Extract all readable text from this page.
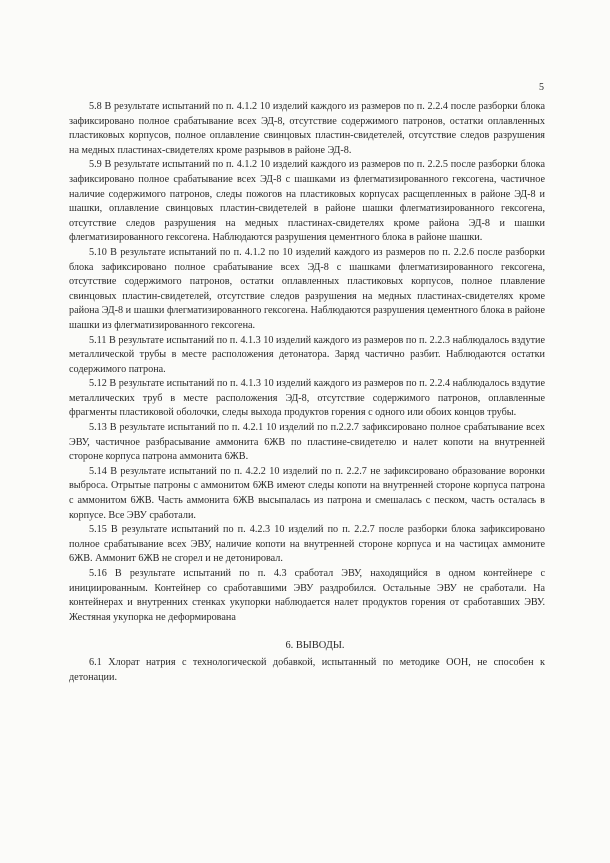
5

5.8 В результате испытаний по п. 4.1.2 10 изделий каждого из размеров по п. 2.2.4 после разборки блока зафиксировано полное срабатывание всех ЭД-8, отсутствие содержимого патронов, остатки оплавленных пластиковых корпусов, полное оплавление свинцовых пластин-свидетелей, отсутствие следов разрушения на медных пластинах-свидетелях кроме разрывов в районе ЭД-8.

5.9 В результате испытаний по п. 4.1.2 10 изделий каждого из размеров по п. 2.2.5 после разборки блока зафиксировано полное срабатывание всех ЭД-8 с шашками из флегматизированного гексогена, частичное наличие содержимого патронов, следы пожогов на пластиковых корпусах расщепленных в районе ЭД-8 и шашки, оплавление свинцовых пластин-свидетелей в районе шашки флегматизированного гексогена, отсутствие следов разрушения на медных пластинах-свидетелях кроме района ЭД-8 и шашки флегматизированного гексогена. Наблюдаются разрушения цементного блока в районе шашки.

5.10 В результате испытаний по п. 4.1.2 по 10 изделий каждого из размеров по п. 2.2.6 после разборки блока зафиксировано полное срабатывание всех ЭД-8 с шашками флегматизированного гексогена, отсутствие содержимого патронов, остатки оплавленных пластиковых корпусов, полное плавление свинцовых пластин-свидетелей, отсутствие следов разрушения на медных пластинах-свидетелях кроме района ЭД-8 и шашки флегматизированного гексогена. Наблюдаются разрушения цементного блока в районе шашки из флегматизированного гексогена.

5.11 В результате испытаний по п. 4.1.3 10 изделий каждого из размеров по п. 2.2.3 наблюдалось вздутие металлической трубы в месте расположения детонатора. Заряд частично разбит. Наблюдаются остатки содержимого патрона.

5.12 В результате испытаний по п. 4.1.3 10 изделий каждого из размеров по п. 2.2.4 наблюдалось вздутие металлических труб в месте расположения ЭД-8, отсутствие содержимого патронов, оплавленные фрагменты пластиковой оболочки, следы выхода продуктов горения с одного или обоих концов трубы.

5.13 В результате испытаний по п. 4.2.1 10 изделий по п.2.2.7 зафиксировано полное срабатывание всех ЭВУ, частичное разбрасывание аммонита 6ЖВ по пластине-свидетелю и налет копоти на внутренней стороне корпуса патрона аммонита 6ЖВ.

5.14 В результате испытаний по п. 4.2.2 10 изделий по п. 2.2.7 не зафиксировано образование воронки выброса. Отрытые патроны с аммонитом 6ЖВ имеют следы копоти на внутренней стороне корпуса патрона с аммонитом 6ЖВ. Часть аммонита 6ЖВ высыпалась из патрона и смешалась с песком, часть осталась в корпусе. Все ЭВУ сработали.

5.15 В результате испытаний по п. 4.2.3 10 изделий по п. 2.2.7 после разборки блока зафиксировано полное срабатывание всех ЭВУ, наличие копоти на внутренней стороне корпуса и на частицах аммоните 6ЖВ. Аммонит 6ЖВ не сгорел и не детонировал.

5.16 В результате испытаний по п. 4.3 сработал ЭВУ, находящийся в одном контейнере с инициированным. Контейнер со сработавшими ЭВУ раздробился. Остальные ЭВУ не сработали. На контейнерах и внутренних стенках укупорки наблюдается налет продуктов горения от сработавших ЭВУ. Жестяная укупорка не деформирована

6. ВЫВОДЫ.

6.1 Хлорат натрия с технологической добавкой, испытанный по методике ООН, не способен к детонации.
